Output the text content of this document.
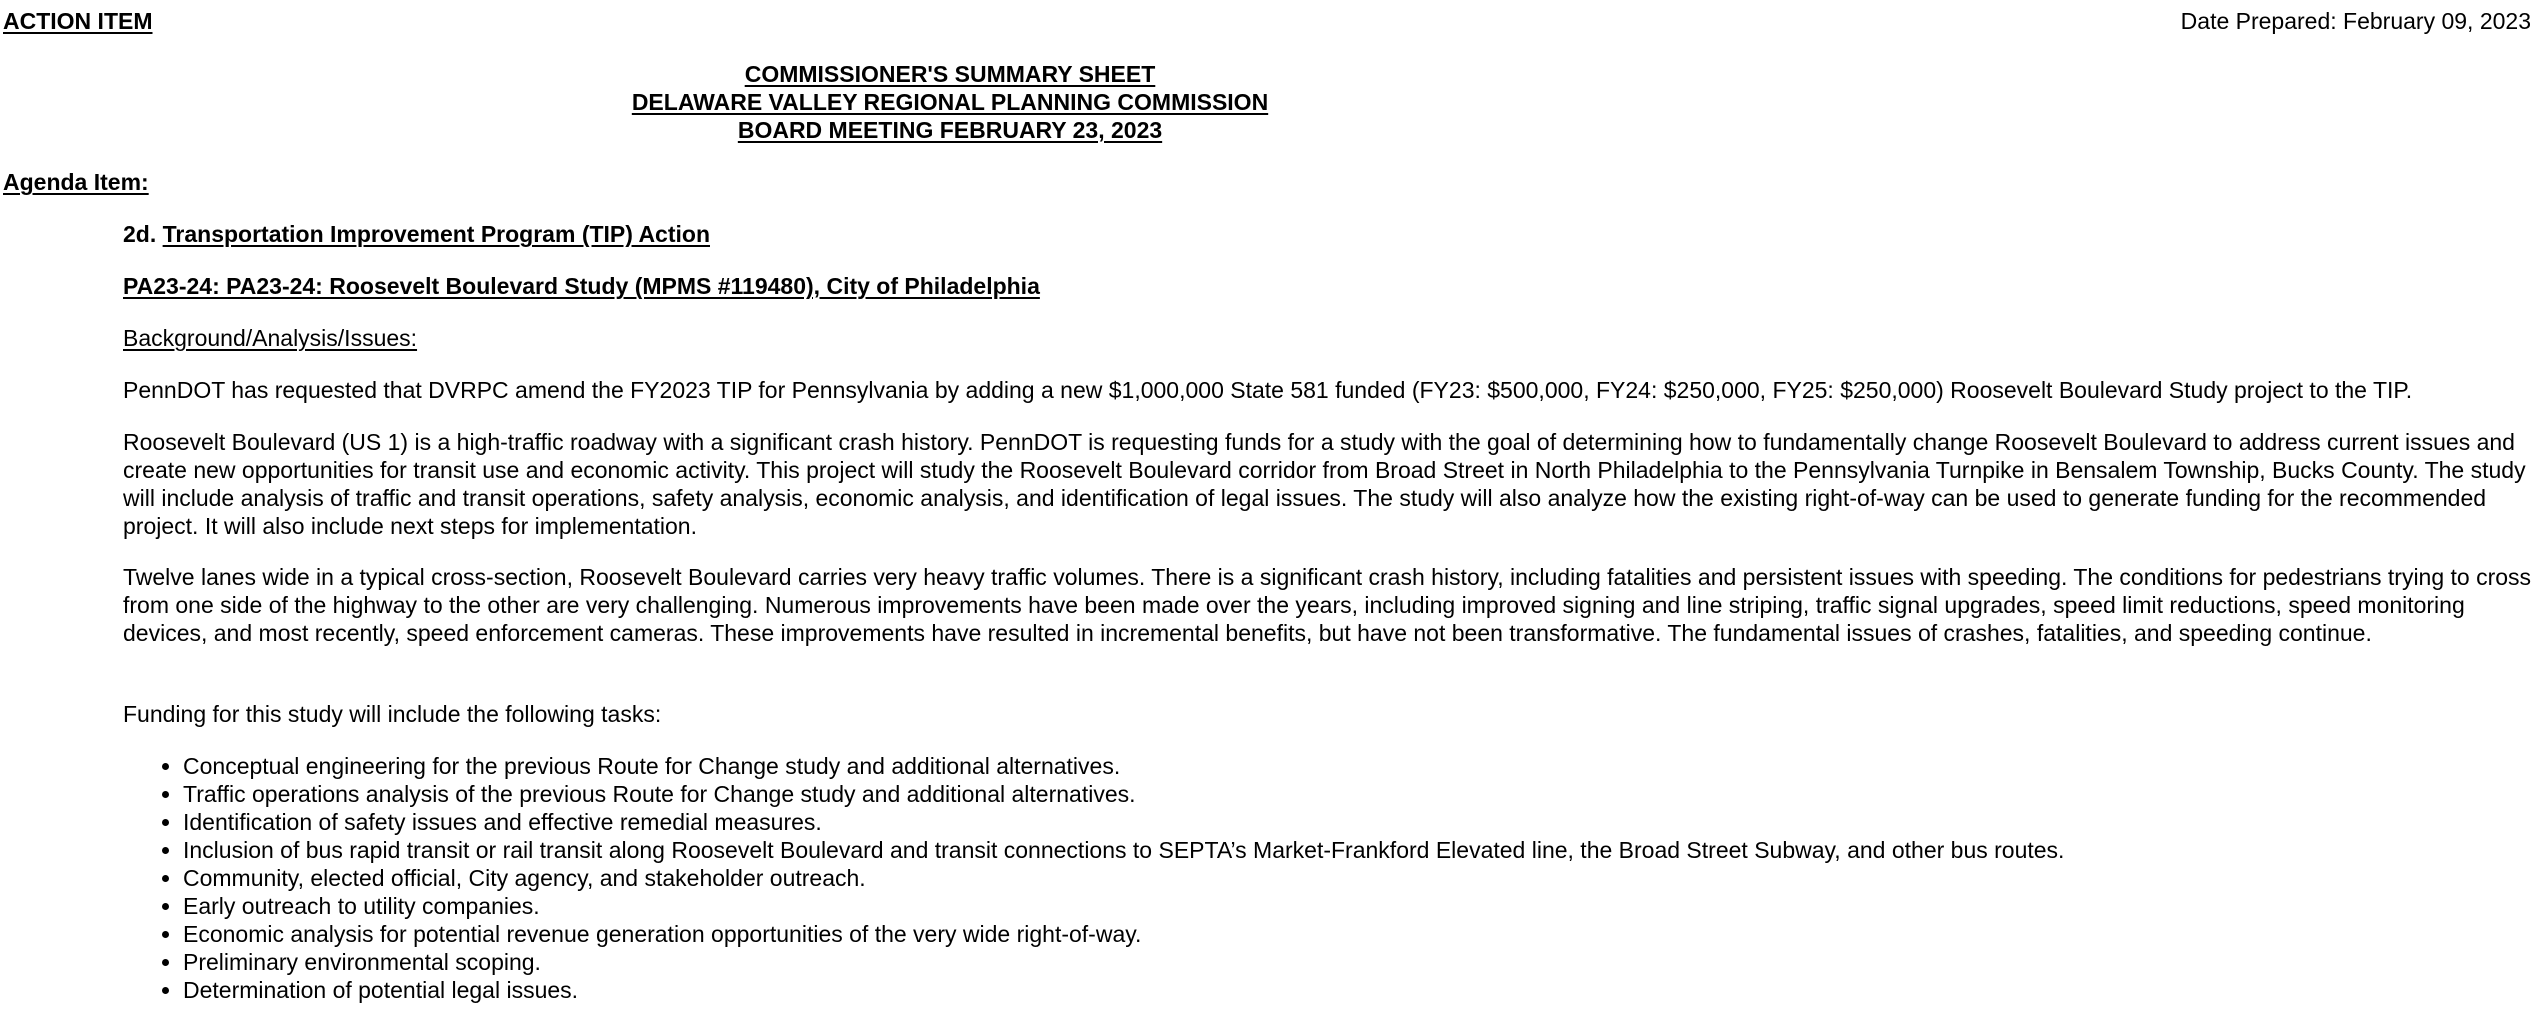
ACTION ITEM	Date Prepared: February 09, 2023
COMMISSIONER'S SUMMARY SHEET
DELAWARE VALLEY REGIONAL PLANNING COMMISSION
BOARD MEETING FEBRUARY 23, 2023
Agenda Item:
2d. Transportation Improvement Program (TIP) Action
PA23-24: PA23-24: Roosevelt Boulevard Study (MPMS #119480), City of Philadelphia
Background/Analysis/Issues:

PennDOT has requested that DVRPC amend the FY2023 TIP for Pennsylvania by adding a new $1,000,000 State 581 funded (FY23: $500,000, FY24: $250,000, FY25: $250,000) Roosevelt Boulevard Study project to the TIP.

Roosevelt Boulevard (US 1) is a high-traffic roadway with a significant crash history. PennDOT is requesting funds for a study with the goal of determining how to fundamentally change Roosevelt Boulevard to address current issues and create new opportunities for transit use and economic activity. This project will study the Roosevelt Boulevard corridor from Broad Street in North Philadelphia to the Pennsylvania Turnpike in Bensalem Township, Bucks County. The study will include analysis of traffic and transit operations, safety analysis, economic analysis, and identification of legal issues. The study will also analyze how the existing right-of-way can be used to generate funding for the recommended project. It will also include next steps for implementation.

Twelve lanes wide in a typical cross-section, Roosevelt Boulevard carries very heavy traffic volumes. There is a significant crash history, including fatalities and persistent issues with speeding. The conditions for pedestrians trying to cross from one side of the highway to the other are very challenging. Numerous improvements have been made over the years, including improved signing and line striping, traffic signal upgrades, speed limit reductions, speed monitoring devices, and most recently, speed enforcement cameras. These improvements have resulted in incremental benefits, but have not been transformative. The fundamental issues of crashes, fatalities, and speeding continue.

Funding for this study will include the following tasks:

• Conceptual engineering for the previous Route for Change study and additional alternatives.
• Traffic operations analysis of the previous Route for Change study and additional alternatives.
• Identification of safety issues and effective remedial measures.
• Inclusion of bus rapid transit or rail transit along Roosevelt Boulevard and transit connections to SEPTA’s Market-Frankford Elevated line, the Broad Street Subway, and other bus routes.
• Community, elected official, City agency, and stakeholder outreach.
• Early outreach to utility companies.
• Economic analysis for potential revenue generation opportunities of the very wide right-of-way.
• Preliminary environmental scoping.
• Determination of potential legal issues.
